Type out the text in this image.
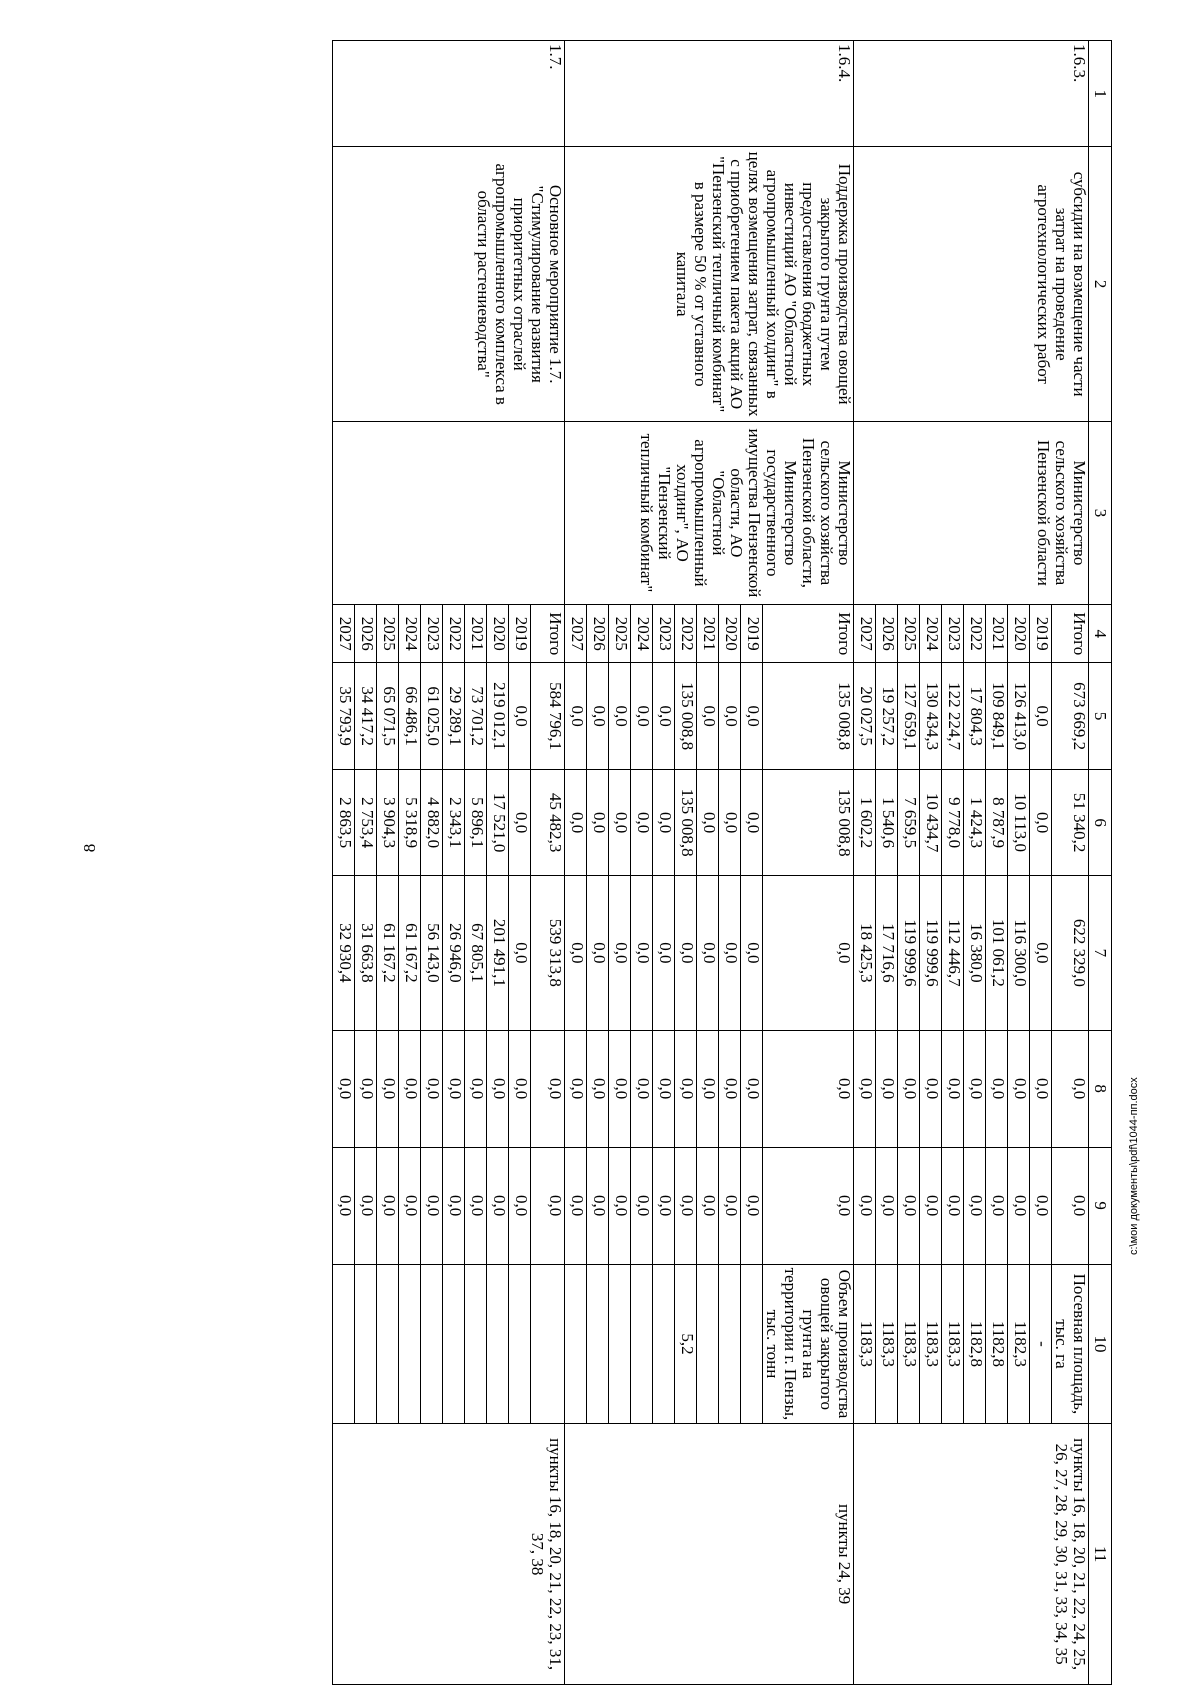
8
c:\мои документы\pdf\1044-пп.docx
1	2	3	4	5	6	7	8	9	10	11
1.6.3.	субсидии на возмещение части затрат на проведение агротехнологических работ	Министерство сельского хозяйства Пензенской области	Итого	673 669,2	51 340,2	622 329,0	0,0	0,0	Посевная площадь, тыс. га	пункты 16, 18, 20, 21, 22, 24, 25, 26, 27, 28, 29, 30, 31, 33, 34, 35
			2019	0,0	0,0	0,0	0,0	0,0	-	
			2020	126 413,0	10 113,0	116 300,0	0,0	0,0	1182,3	
			2021	109 849,1	8 787,9	101 061,2	0,0	0,0	1182,8	
			2022	17 804,3	1 424,3	16 380,0	0,0	0,0	1182,8	
			2023	122 224,7	9 778,0	112 446,7	0,0	0,0	1183,3	
			2024	130 434,3	10 434,7	119 999,6	0,0	0,0	1183,3	
			2025	127 659,1	7 659,5	119 999,6	0,0	0,0	1183,3	
			2026	19 257,2	1 540,6	17 716,6	0,0	0,0	1183,3	
			2027	20 027,5	1 602,2	18 425,3	0,0	0,0	1183,3	
1.6.4.	Поддержка производства овощей закрытого грунта путем предоставления бюджетных инвестиций АО "Областной агропромышленный холдинг" в целях возмещения затрат, связанных с приобретением пакета акций АО "Пензенский тепличный комбинат" в размере 50 % от уставного капитала	Министерство сельского хозяйства Пензенской области, Министерство государственного имущества Пензенской области, АО "Областной агропромышленный холдинг", АО "Пензенский тепличный комбинат"	Итого	135 008,8	135 008,8	0,0	0,0	0,0	Объем производства овощей закрытого грунта на территории г. Пензы, тыс. тонн	пункты 24, 39
			2019	0,0	0,0	0,0	0,0	0,0		
			2020	0,0	0,0	0,0	0,0	0,0		
			2021	0,0	0,0	0,0	0,0	0,0		
			2022	135 008,8	135 008,8	0,0	0,0	0,0	5,2	
			2023	0,0	0,0	0,0	0,0	0,0		
			2024	0,0	0,0	0,0	0,0	0,0		
			2025	0,0	0,0	0,0	0,0	0,0		
			2026	0,0	0,0	0,0	0,0	0,0		
			2027	0,0	0,0	0,0	0,0	0,0		
1.7.	Основное мероприятие 1.7. "Стимулирование развития приоритетных отраслей агропромышленного комплекса в области растениеводства"		Итого	584 796,1	45 482,3	539 313,8	0,0	0,0		пункты 16, 18, 20, 21, 22, 23, 31, 37, 38
			2019	0,0	0,0	0,0	0,0	0,0		
			2020	219 012,1	17 521,0	201 491,1	0,0	0,0		
			2021	73 701,2	5 896,1	67 805,1	0,0	0,0		
			2022	29 289,1	2 343,1	26 946,0	0,0	0,0		
			2023	61 025,0	4 882,0	56 143,0	0,0	0,0		
			2024	66 486,1	5 318,9	61 167,2	0,0	0,0		
			2025	65 071,5	3 904,3	61 167,2	0,0	0,0		
			2026	34 417,2	2 753,4	31 663,8	0,0	0,0		
			2027	35 793,9	2 863,5	32 930,4	0,0	0,0		
